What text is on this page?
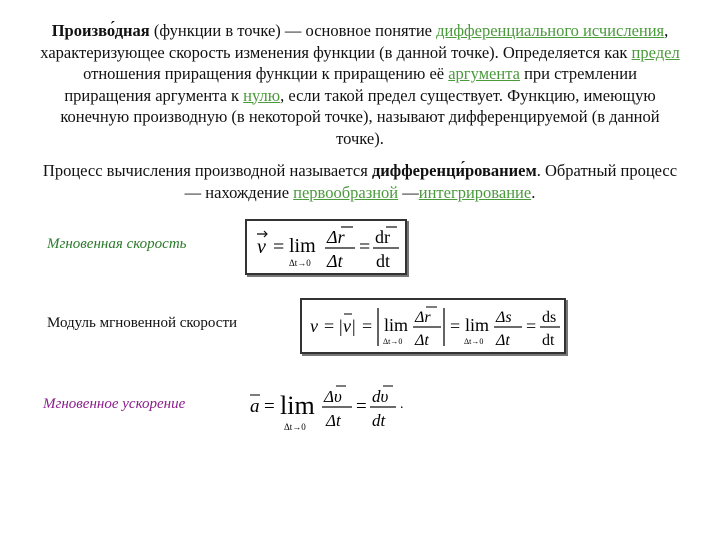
Произво́дная (функции в точке) — основное понятие дифференциального исчисления, характеризующее скорость изменения функции (в данной точке). Определяется как предел отношения приращения функции к приращению её аргумента при стремлении приращения аргумента к нулю, если такой предел существует. Функцию, имеющую конечную производную (в некоторой точке), называют дифференцируемой (в данной точке).
Процесс вычисления производной называется дифференци́рованием. Обратный процесс — нахождение первообразной —интегрирование.
Мгновенная скорость
Модуль мгновенной скорости
Мгновенное ускорение
v = lim
Δt→0
Δr
Δt
= dr
dt
v = |v| = lim
Δt→0
Δr
Δt
= lim
Δt→0
Δs
Δt
= ds
dt
a = lim
Δt→0
Δυ
Δt
= dυ
dt
.
